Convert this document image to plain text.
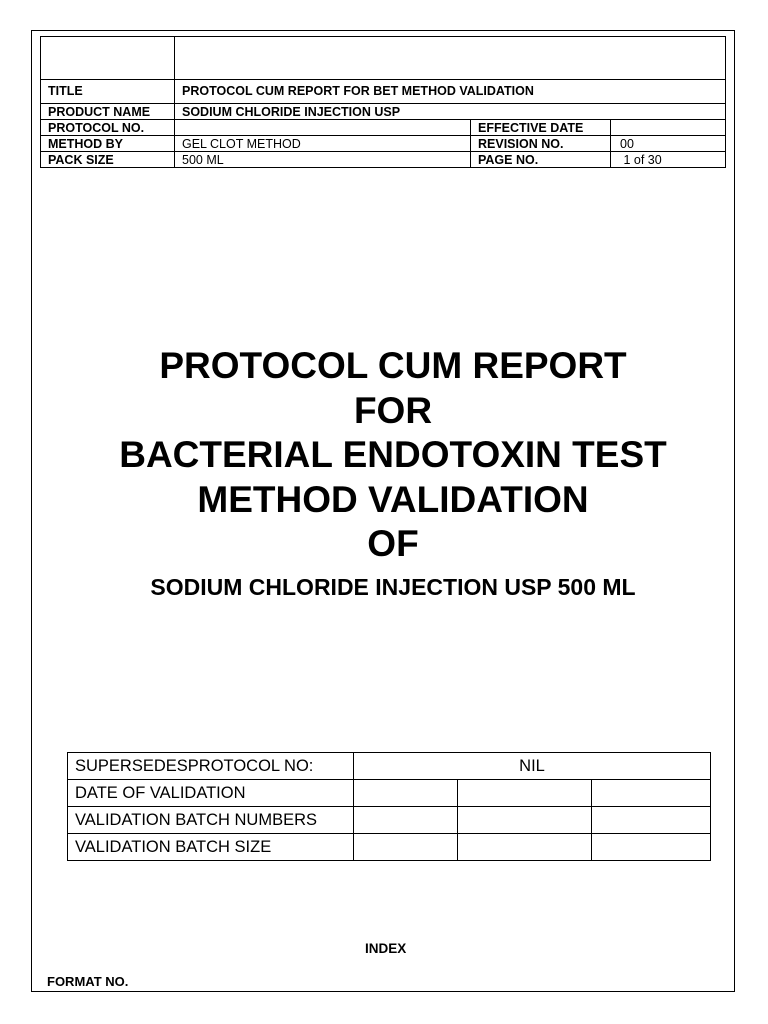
TITLE	PROTOCOL CUM REPORT FOR BET METHOD VALIDATION		
PRODUCT NAME	SODIUM CHLORIDE INJECTION USP		
PROTOCOL NO.		EFFECTIVE DATE	
METHOD BY	GEL CLOT METHOD	REVISION NO.	00
PACK SIZE	500 ML	PAGE NO.	1 of 30
PROTOCOL CUM REPORT
FOR
BACTERIAL ENDOTOXIN TEST
METHOD VALIDATION
OF
SODIUM CHLORIDE INJECTION USP 500 ML
SUPERSEDESPROTOCOL NO:	NIL		
DATE OF VALIDATION			
VALIDATION BATCH NUMBERS			
VALIDATION BATCH SIZE			
INDEX
FORMAT NO.
